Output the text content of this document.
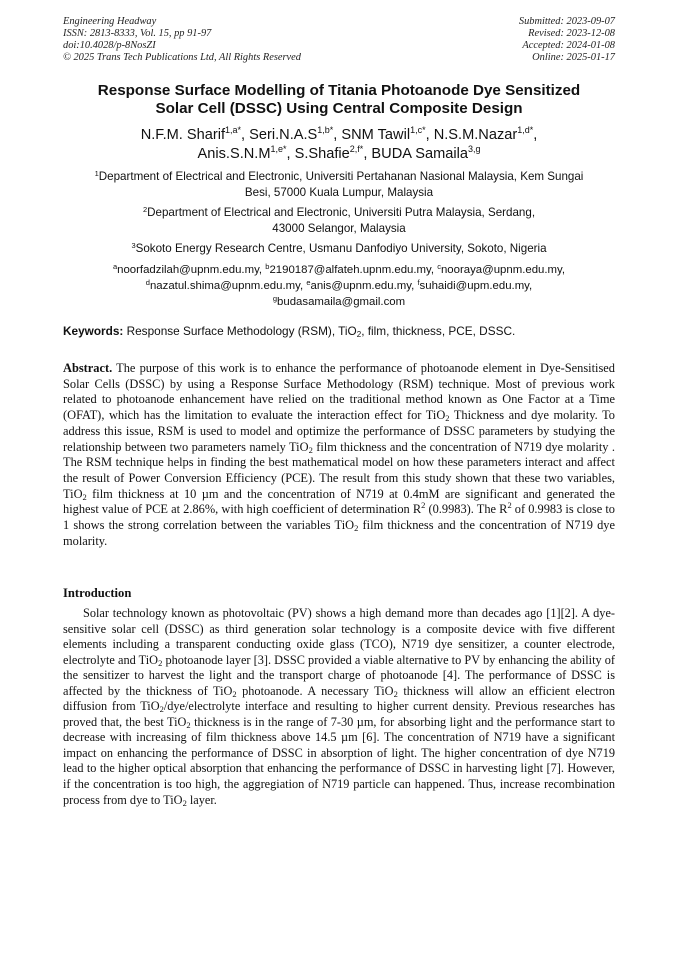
Engineering Headway
ISSN: 2813-8333, Vol. 15, pp 91-97
doi:10.4028/p-8NosZI
© 2025 Trans Tech Publications Ltd, All Rights Reserved
Submitted: 2023-09-07
Revised: 2023-12-08
Accepted: 2024-01-08
Online: 2025-01-17
Response Surface Modelling of Titania Photoanode Dye Sensitized
Solar Cell (DSSC) Using Central Composite Design
N.F.M. Sharif$^{1,a*}$, $Seri.N.A.S^{1,b*}$, SNM Tawil$^{1,c*}$, N.S.M.Nazar$^{1,d*}$,
$Anis.S.N.M^{1,e*}$, S.Shafie$^{2,f*}$, BUDA Samaila$^{3,g}$
$^1$Department of Electrical and Electronic, Universiti Pertahanan Nasional Malaysia, Kem Sungai
Besi, 57000 Kuala Lumpur, Malaysia
$^2$Department of Electrical and Electronic, Universiti Putra Malaysia, Serdang,
43000 Selangor, Malaysia
$^3$Sokoto Energy Research Centre, Usmanu Danfodiyo University, Sokoto, Nigeria
$^a$noorfadzilah@upnm.edu.my, $^b$2190187@alfateh.upnm.edu.my, $^c$nooraya@upnm.edu.my,
$^d$nazatul.shima@upnm.edu.my, $^e$anis@upnm.edu.my, $^f$suhaidi@upm.edu.my,
$^g$budasamaila@gmail.com
Keywords: Response Surface Methodology (RSM), TiO$_2$, film, thickness, PCE, DSSC.
Abstract. The purpose of this work is to enhance the performance of photoanode element in Dye-Sensitised Solar Cells (DSSC) by using a Response Surface Methodology (RSM) technique. Most of previous work related to photoanode enhancement have relied on the traditional method known as One Factor at a Time (OFAT), which has the limitation to evaluate the interaction effect for TiO$_2$ Thickness and dye molarity. To address this issue, RSM is used to model and optimize the performance of DSSC parameters by studying the relationship between two parameters namely TiO$_2$ film thickness and the concentration of N719 dye molarity . The RSM technique helps in finding the best mathematical model on how these parameters interact and affect the result of Power Conversion Efficiency (PCE). The result from this study shown that these two variables, TiO$_2$ film thickness at 10 µm and the concentration of N719 at 0.4mM are significant and generated the highest value of PCE at 2.86%, with high coefficient of determination $R^2$ (0.9983). The $R^2$ of 0.9983 is close to 1 shows the strong correlation between the variables TiO$_2$ film thickness and the concentration of N719 dye molarity.
Introduction
Solar technology known as photovoltaic (PV) shows a high demand more than decades ago [1][2]. A dye-sensitive solar cell (DSSC) as third generation solar technology is a composite device with five different elements including a transparent conducting oxide glass (TCO), N719 dye sensitizer, a counter electrode, electrolyte and TiO$_2$ photoanode layer [3]. DSSC provided a viable alternative to PV by enhancing the ability of the sensitizer to harvest the light and the transport charge of photoanode [4]. The performance of DSSC is affected by the thickness of TiO$_2$ photoanode. A necessary TiO$_2$ thickness will allow an efficient electron diffusion from TiO$_2$/dye/electrolyte interface and resulting to higher current density. Previous researches has proved that, the best TiO$_2$ thickness is in the range of 7-30 µm, for absorbing light and the performance start to decrease with increasing of film thickness above 14.5 µm [6]. The concentration of N719 have a significant impact on enhancing the performance of DSSC in absorption of light. The higher concentration of dye N719 lead to the higher optical absorption that enhancing the performance of DSSC in harvesting light [7]. However, if the concentration is too high, the aggregiation of N719 particle can happened. Thus, increase recombination process from dye to TiO$_2$ layer.
